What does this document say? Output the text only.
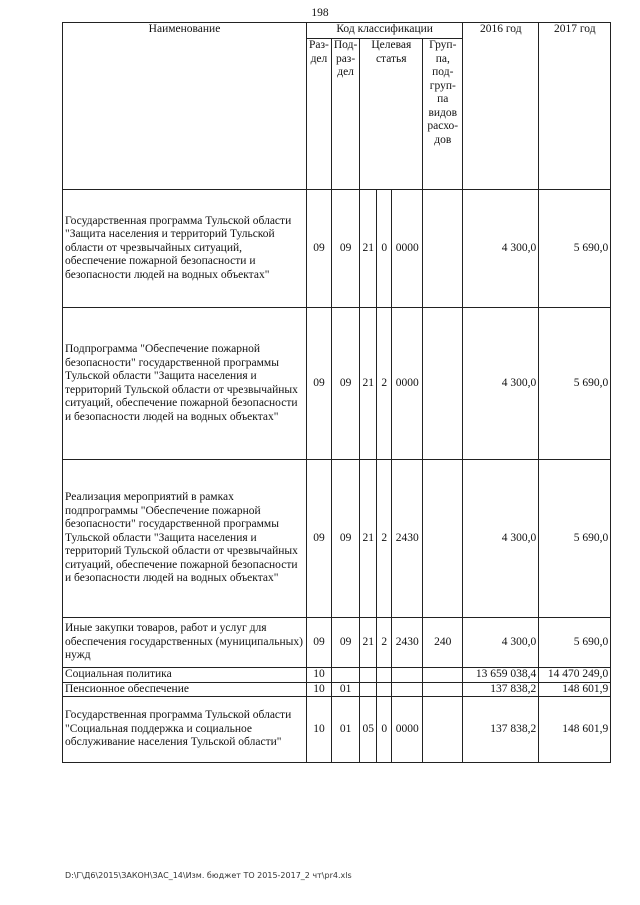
198
Наименование	Код классификации						2016 год	2017 год
	Раз-дел	Под-раз-дел	Целевая статья			Груп-па, под-груп-па видов расхо-дов		
Государственная программа Тульской области "Защита населения и территорий Тульской области от чрезвычайных ситуаций, обеспечение пожарной безопасности и безопасности людей на водных объектах"	09	09	21	0	0000		4 300,0	5 690,0
Подпрограмма "Обеспечение пожарной безопасности" государственной программы Тульской области "Защита населения и территорий Тульской области от чрезвычайных ситуаций, обеспечение пожарной безопасности и безопасности людей на водных объектах"	09	09	21	2	0000		4 300,0	5 690,0
Реализация мероприятий в рамках подпрограммы "Обеспечение пожарной безопасности" государственной программы Тульской области "Защита населения и территорий Тульской области от чрезвычайных ситуаций, обеспечение пожарной безопасности и безопасности людей на водных объектах"	09	09	21	2	2430		4 300,0	5 690,0
Иные закупки товаров, работ и услуг для обеспечения государственных (муниципальных) нужд	09	09	21	2	2430	240	4 300,0	5 690,0
Социальная политика	10						13 659 038,4	14 470 249,0
Пенсионное обеспечение	10	01					137 838,2	148 601,9
Государственная программа Тульской области "Социальная поддержка и социальное обслуживание населения Тульской области"	10	01	05	0	0000		137 838,2	148 601,9
D:\Г\Д6\2015\ЗАКОН\ЗАС_14\Изм. бюджет ТО 2015-2017_2 чт\pr4.xls
